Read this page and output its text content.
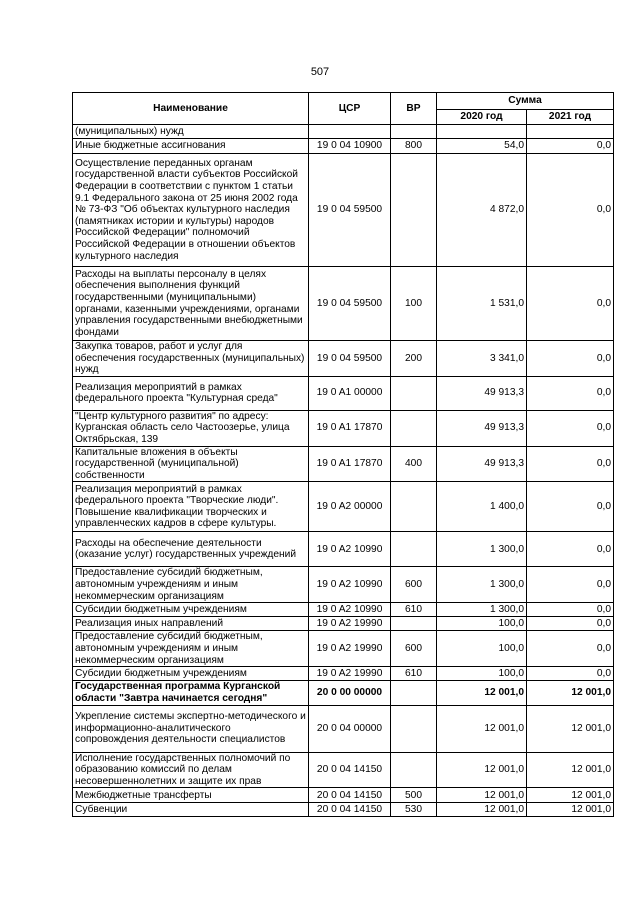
507
Наименование	ЦСР	ВР	Сумма	
			2020 год	2021 год
(муниципальных) нужд				
Иные бюджетные ассигнования	19 0 04 10900	800	54,0	0,0
Осуществление переданных органам государственной власти субъектов Российской Федерации в соответствии с пунктом 1 статьи 9.1 Федерального закона от 25 июня 2002 года № 73-ФЗ "Об объектах культурного наследия (памятниках истории и культуры) народов Российской Федерации" полномочий Российской Федерации в отношении объектов культурного наследия	19 0 04 59500		4 872,0	0,0
Расходы на выплаты персоналу в целях обеспечения выполнения функций государственными (муниципальными) органами, казенными учреждениями, органами управления государственными внебюджетными фондами	19 0 04 59500	100	1 531,0	0,0
Закупка товаров, работ и услуг для обеспечения государственных (муниципальных) нужд	19 0 04 59500	200	3 341,0	0,0
Реализация мероприятий в рамках федерального проекта "Культурная среда"	19 0 A1 00000		49 913,3	0,0
"Центр культурного развития" по адресу: Курганская область село Частоозерье, улица Октябрьская, 139	19 0 A1 17870		49 913,3	0,0
Капитальные вложения в объекты государственной (муниципальной) собственности	19 0 A1 17870	400	49 913,3	0,0
Реализация мероприятий в рамках федерального проекта "Творческие люди". Повышение квалификации творческих и управленческих кадров в сфере культуры.	19 0 A2 00000		1 400,0	0,0
Расходы на обеспечение деятельности (оказание услуг) государственных учреждений	19 0 A2 10990		1 300,0	0,0
Предоставление субсидий бюджетным, автономным учреждениям и иным некоммерческим организациям	19 0 A2 10990	600	1 300,0	0,0
Субсидии бюджетным учреждениям	19 0 A2 10990	610	1 300,0	0,0
Реализация иных направлений	19 0 A2 19990		100,0	0,0
Предоставление субсидий бюджетным, автономным учреждениям и иным некоммерческим организациям	19 0 A2 19990	600	100,0	0,0
Субсидии бюджетным учреждениям	19 0 A2 19990	610	100,0	0,0
Государственная программа Курганской области "Завтра начинается сегодня"	20 0 00 00000		12 001,0	12 001,0
Укрепление системы экспертно-методического и информационно-аналитического сопровождения деятельности специалистов	20 0 04 00000		12 001,0	12 001,0
Исполнение государственных полномочий по образованию комиссий по делам несовершеннолетних и защите их прав	20 0 04 14150		12 001,0	12 001,0
Межбюджетные трансферты	20 0 04 14150	500	12 001,0	12 001,0
Субвенции	20 0 04 14150	530	12 001,0	12 001,0
